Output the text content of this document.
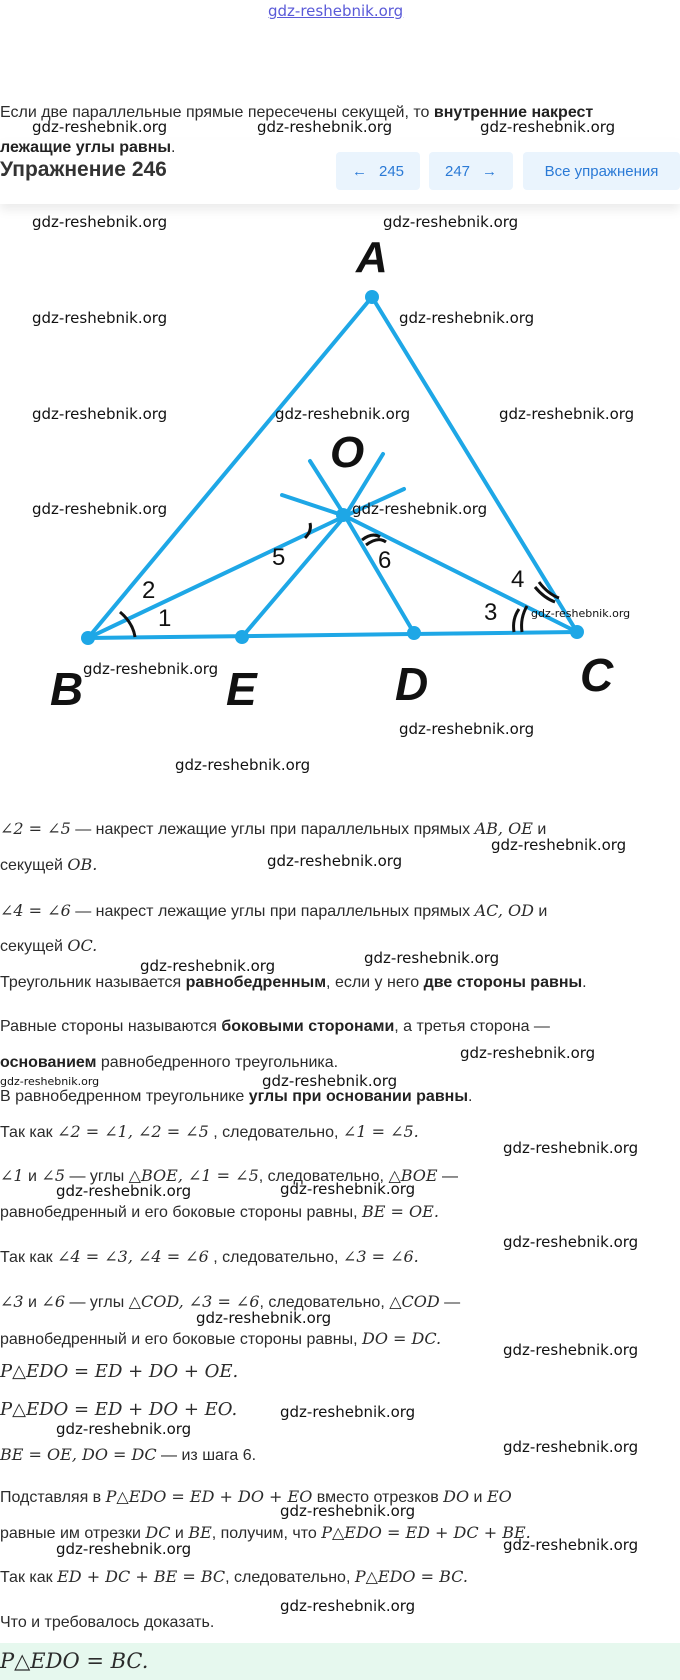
gdz-reshebnik.org
Если две параллельные прямые пересечены секущей, то внутренние накрест
лежащие углы равны.
Упражнение 246	← 245	247 →	Все упражнения
A
B	C
D
E
O
1
2
3
4
5	6
gdz-reshebnik.org	gdz-reshebnik.org	gdz-reshebnik.org
gdz-reshebnik.org	gdz-reshebnik.org
gdz-reshebnik.org	gdz-reshebnik.org
gdz-reshebnik.org	gdz-reshebnik.org	gdz-reshebnik.org
gdz-reshebnik.org	gdz-reshebnik.org
gdz-reshebnik.org
gdz-reshebnik.org
gdz-reshebnik.org
gdz-reshebnik.org
∠2 = ∠5 — накрест лежащие углы при параллельных прямых AB, OE и
секущей OB.
gdz-reshebnik.org
gdz-reshebnik.org
∠4 = ∠6 — накрест лежащие углы при параллельных прямых AC, OD и
секущей OC.
gdz-reshebnik.org	gdz-reshebnik.org
Треугольник называется равнобедренным, если у него две стороны равны.
Равные стороны называются боковыми сторонами, а третья сторона —
основанием равнобедренного треугольника.
gdz-reshebnik.org
gdz-reshebnik.org	gdz-reshebnik.org
В равнобедренном треугольнике углы при основании равны.
Так как ∠2 = ∠1, ∠2 = ∠5 , следовательно, ∠1 = ∠5.
gdz-reshebnik.org
∠1 и ∠5 — углы △BOE, ∠1 = ∠5, следовательно, △BOE —
gdz-reshebnik.org	gdz-reshebnik.org
равнобедренный и его боковые стороны равны, BE = OE.
gdz-reshebnik.org
Так как ∠4 = ∠3, ∠4 = ∠6 , следовательно, ∠3 = ∠6.
∠3 и ∠6 — углы △COD, ∠3 = ∠6, следовательно, △COD —
gdz-reshebnik.org
равнобедренный и его боковые стороны равны, DO = DC.
gdz-reshebnik.org
P△EDO = ED + DO + OE.
P△EDO = ED + DO + EO.	gdz-reshebnik.org
gdz-reshebnik.org
BE = OE, DO = DC — из шага 6.	gdz-reshebnik.org
Подставляя в P△EDO = ED + DO + EO вместо отрезков DO и EO
gdz-reshebnik.org
равные им отрезки DC и BE, получим, что P△EDO = ED + DC + BE.
gdz-reshebnik.org	gdz-reshebnik.org
Так как ED + DC + BE = BC, следовательно, P△EDO = BC.
gdz-reshebnik.org
Что и требовалось доказать.
P△EDO = BC.
